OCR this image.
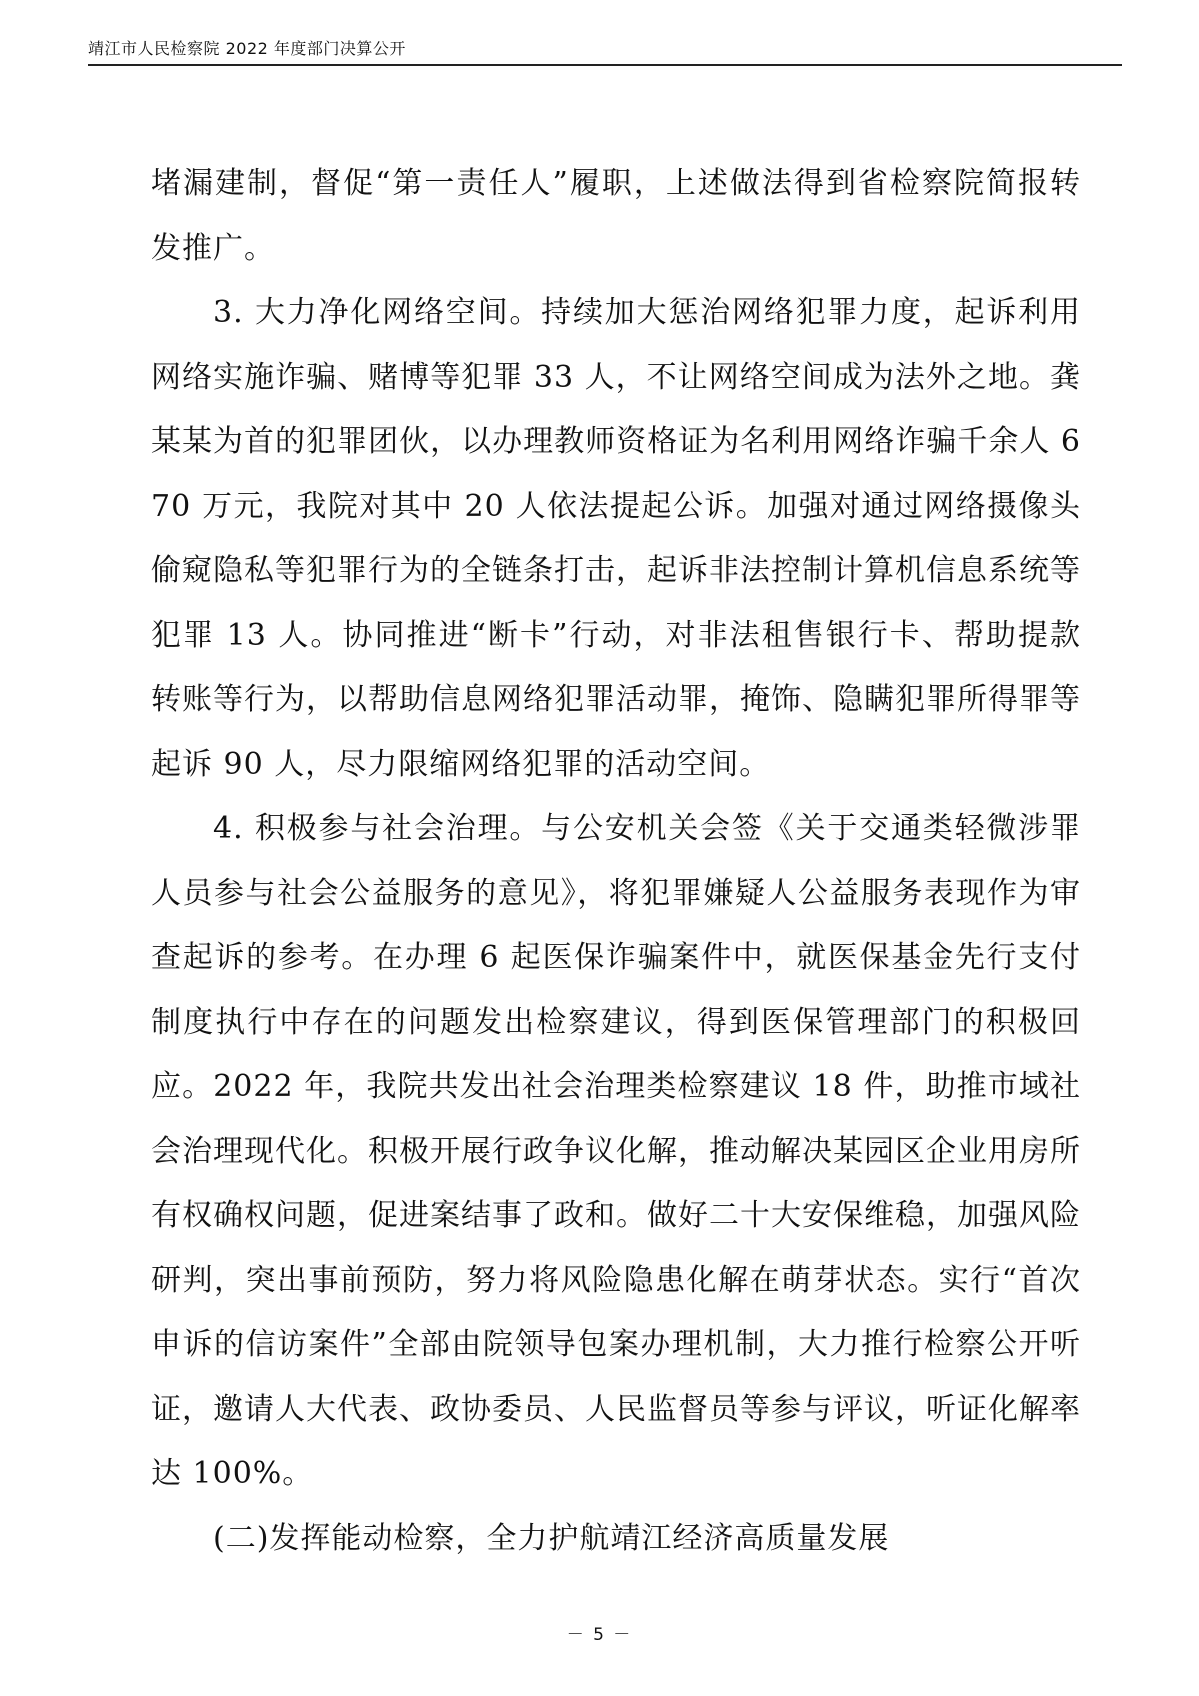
靖江市人民检察院 2022 年度部门决算公开

堵漏建制，督促“第一责任人”履职，上述做法得到省检察院简报转发推广。

3. 大力净化网络空间。持续加大惩治网络犯罪力度，起诉利用网络实施诈骗、赌博等犯罪 33 人，不让网络空间成为法外之地。龚某某为首的犯罪团伙，以办理教师资格证为名利用网络诈骗千余人 670 万元，我院对其中 20 人依法提起公诉。加强对通过网络摄像头偷窥隐私等犯罪行为的全链条打击，起诉非法控制计算机信息系统等犯罪 13 人。协同推进“断卡”行动，对非法租售银行卡、帮助提款转账等行为，以帮助信息网络犯罪活动罪，掩饰、隐瞒犯罪所得罪等起诉 90 人，尽力限缩网络犯罪的活动空间。

4. 积极参与社会治理。与公安机关会签《关于交通类轻微涉罪人员参与社会公益服务的意见》，将犯罪嫌疑人公益服务表现作为审查起诉的参考。在办理 6 起医保诈骗案件中，就医保基金先行支付制度执行中存在的问题发出检察建议，得到医保管理部门的积极回应。2022 年，我院共发出社会治理类检察建议 18 件，助推市域社会治理现代化。积极开展行政争议化解，推动解决某园区企业用房所有权确权问题，促进案结事了政和。做好二十大安保维稳，加强风险研判，突出事前预防，努力将风险隐患化解在萌芽状态。实行“首次申诉的信访案件”全部由院领导包案办理机制，大力推行检察公开听证，邀请人大代表、政协委员、人民监督员等参与评议，听证化解率达 100%。

(二)发挥能动检察，全力护航靖江经济高质量发展

－ 5 －
